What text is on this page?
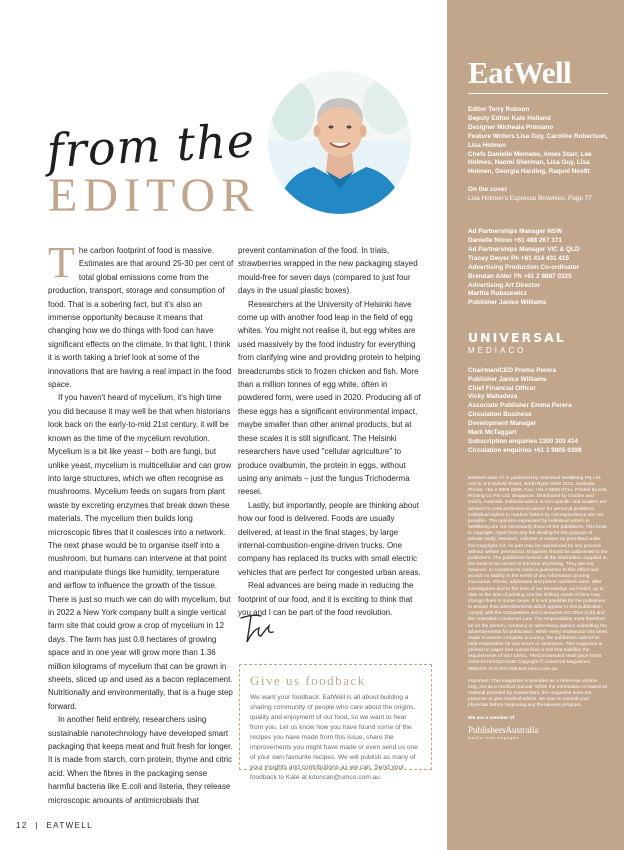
from the
EDITOR

The carbon footprint of food is massive. Estimates are that around 25-30 per cent of total global emissions come from the production, transport, storage and consumption of food. That is a sobering fact, but it's also an immense opportunity because it means that changing how we do things with food can have significant effects on the climate. In that light, I think it is worth taking a brief look at some of the innovations that are having a real impact in the food space.

If you haven't heard of mycelium, it's high time you did because it may well be that when historians look back on the early-to-mid 21st century, it will be known as the time of the mycelium revolution. Mycelium is a bit like yeast – both are fungi, but unlike yeast, mycelium is multicellular and can grow into large structures, which we often recognise as mushrooms. Mycelium feeds on sugars from plant waste by excreting enzymes that break down these materials. The mycelium then builds long microscopic fibres that it coalesces into a network. The next phase would be to organise itself into a mushroom, but humans can intervene at that point and manipulate things like humidity, temperature and airflow to influence the growth of the tissue. There is just so much we can do with mycelium, but in 2022 a New York company built a single vertical farm site that could grow a crop of mycelium in 12 days. The farm has just 0.8 hectares of growing space and in one year will grow more than 1.36 million kilograms of mycelium that can be grown in sheets, sliced up and used as a bacon replacement. Nutritionally and environmentally, that is a huge step forward.

In another field entirely, researchers using sustainable nanotechnology have developed smart packaging that keeps meat and fruit fresh for longer. It is made from starch, corn protein, thyme and citric acid. When the fibres in the packaging sense harmful bacteria like E.coli and listeria, they release microscopic amounts of antimicrobials that

prevent contamination of the food. In trials, strawberries wrapped in the new packaging stayed mould-free for seven days (compared to just four days in the usual plastic boxes).

Researchers at the University of Helsinki have come up with another food leap in the field of egg whites. You might not realise it, but egg whites are used massively by the food industry for everything from clarifying wine and providing protein to helping breadcrumbs stick to frozen chicken and fish. More than a million tonnes of egg white, often in powdered form, were used in 2020. Producing all of these eggs has a significant environmental impact, maybe smaller than other animal products, but at these scales it is still significant. The Helsinki researchers have used "cellular agriculture" to produce ovalbumin, the protein in eggs, without using any animals – just the fungus Trichoderma reesei.

Lastly, but importantly, people are thinking about how our food is delivered. Foods are usually delivered, at least in the final stages, by large internal-combustion-engine-driven trucks. One company has replaced its trucks with small electric vehicles that are perfect for congested urban areas.

Real advances are being made in reducing the footprint of our food, and it is exciting to think that you and I can be part of the food revolution.

Give us foodback
We want your foodback: EatWell is all about building a sharing community of people who care about the origins, quality and enjoyment of our food, so we want to hear from you. Let us know how you have found some of the recipes you have made from this issue, share the improvements you might have made or even send us one of your own favourite recipes. We will publish as many of your insights and contributions as we can. Send your foodback to Kate at kduncan@umco.com.au.
12 | EATWELL
EatWell
Editor Terry Robson
Deputy Editor Kate Holland
Designer Micheala Primiano
Feature Writers Lisa Guy, Caroline Robertson, Lisa Holmen
Chefs Danielle Minnebo, Ames Starr, Lee Holmes, Naomi Sherman, Lisa Guy, Lisa Holmen, Georgia Harding, Raquel Neofit
On the cover
Lisa Holmen's Espresso Brownies, Page 77
Ad Partnerships Manager NSW
Danielle Nixon +61 488 267 371
Ad Partnerships Manager VIC & QLD
Tracey Dwyer Ph +61 414 431 415
Advertising Production Co-ordinator
Brendan Alder Ph +61 2 8887 0325
Advertising Art Director
Martha Rubazewicz
Publisher Janice Williams
UNIVERSAL
MEDIACO
Chairman/CEO Prema Perera
Publisher Janice Williams
Chief Financial Officer
Vicky Mahadeva
Associate Publisher Emma Perera
Circulation Business
Development Manager
Mark McTaggart
Subscription enquiries 1300 303 414
Circulation enquiries +61 2 9805 0399
EatWell Issue 47 is published by Universal WellBeing Pty Ltd, Unit 5, 6-8 Byfield Street, North Ryde NSW 2113, Australia. Phone: +61 2 9805 0399, Fax: +61 2 9805 0714. Printed by KHL Printing Co Pte Ltd, Singapore. Distributed by Gordon and Gotch, Australia. Editorial advice is non-specific and readers are advised to seek professional advice for personal problems. Individual replies to readers' letters by correspondence are not possible. The opinions expressed by individual writers in WellBeing are not necessarily those of the publishers. This book is copyright. Apart from any fair dealing for the purpose of private study, research, criticism or review as permitted under the Copyright Act, no part may be reproduced by any process without written permission. Enquiries should be addressed to the publishers. The publishers believe all the information supplied in this book to be correct at the time of printing. They are not, however, in a position to make a guarantee to this effect and accept no liability in the event of any information proving inaccurate. Prices, addresses and phone numbers were, after investigation and to the best of our knowledge and belief, up to date at the time of printing, but the shifting sands of time may change them in some cases. It is not possible for the publishers to ensure that advertisements which appear in this publication comply with the Competition and Consumer Act 2010 (Cth) and the Australian Consumer Law. The responsibility must therefore be on the person, company or advertising agency submitting the advertisements for publication. While every endeavour has been made to ensure complete accuracy, the publishers cannot be held responsible for any errors or omissions. This magazine is printed on paper that comes from a mill that satisfies the requirements of ISO 14001. *Recommended retail price ISSN 2204-2474/2412-6330 Copyright © Universal Magazines MMXXIII ACN 003 026 944 umco.com.au
Important: This magazine is intended as a reference volume only, not as a medical manual. While the information is based on material provided by researchers, the magazine does not presume to give medical advice. Be sure to consult your physician before beginning any therapeutic program.
We are a member of
PublishersAustralia
media that engages
